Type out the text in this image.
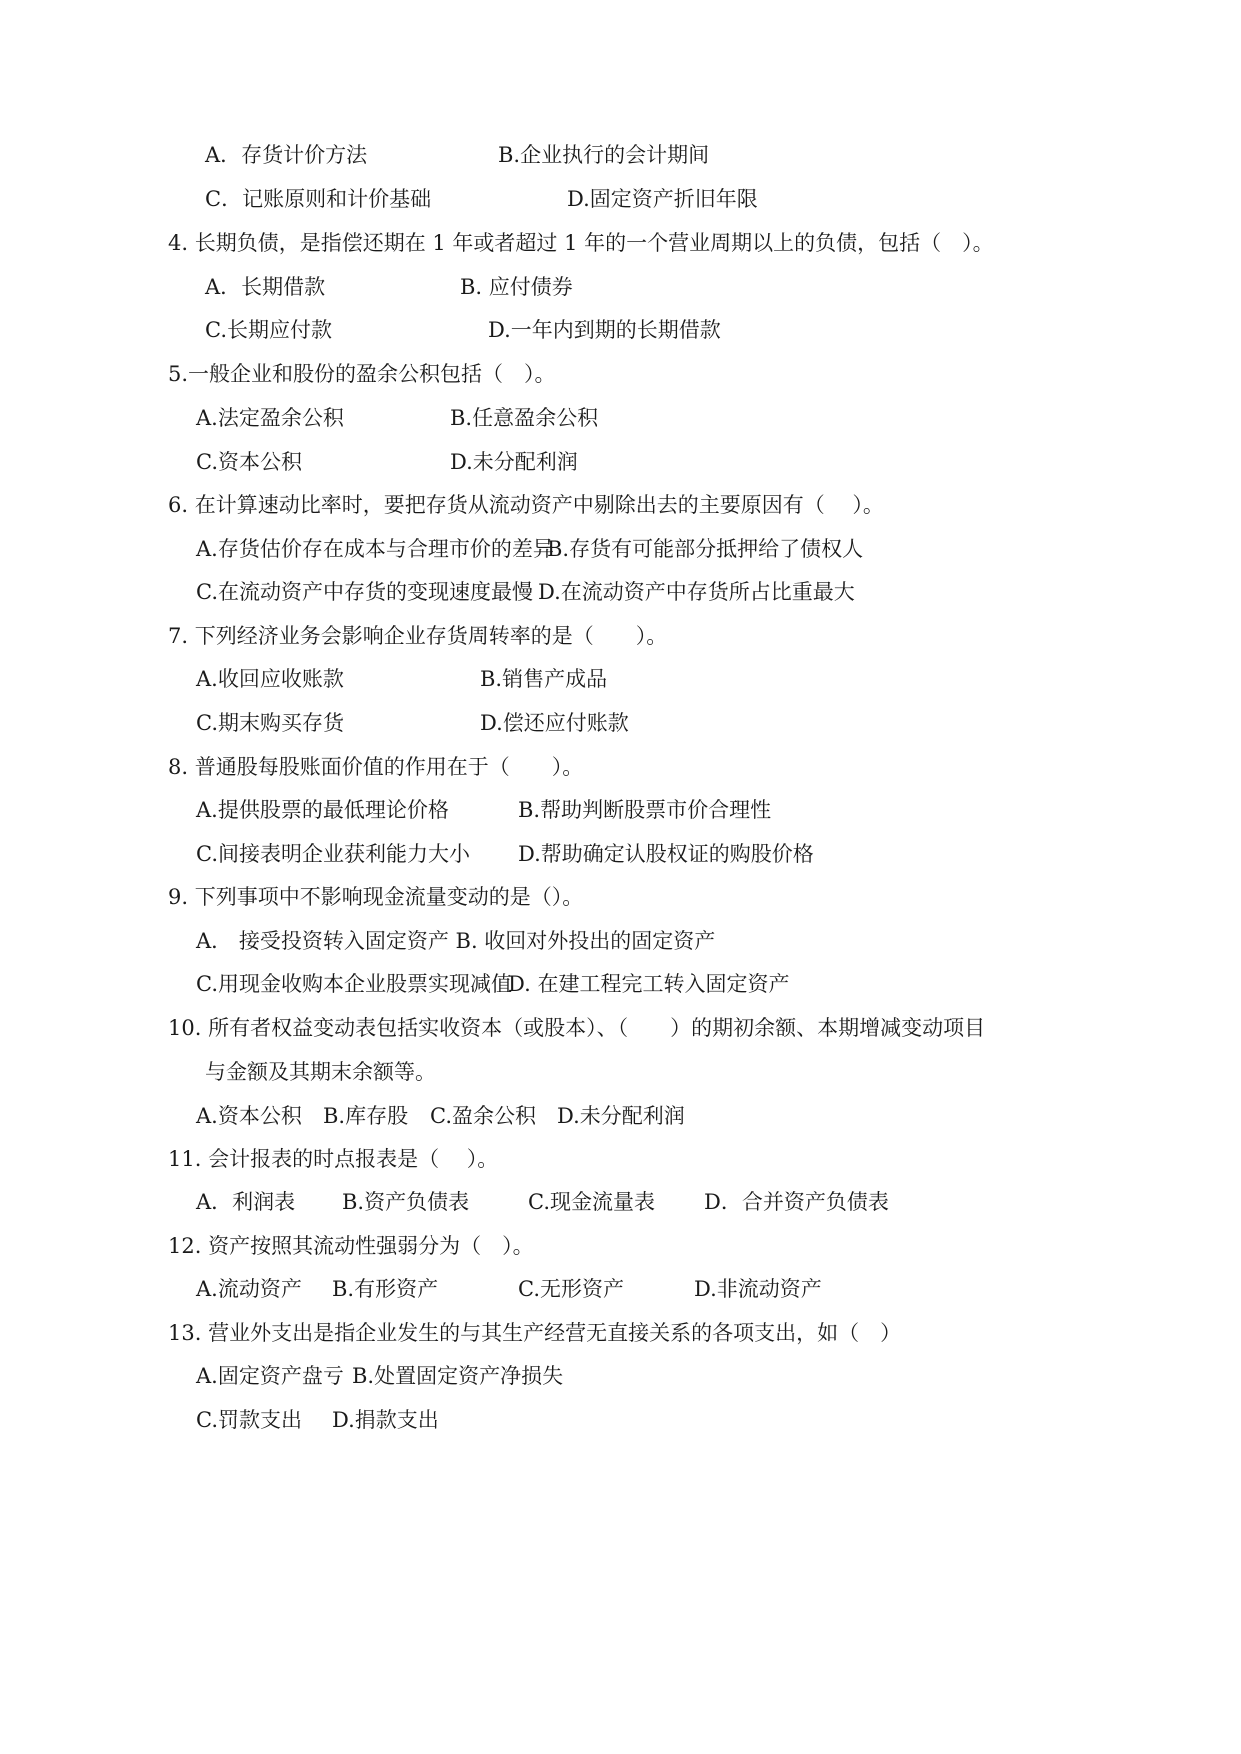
A．存货计价方法	B.企业执行的会计期间
C．记账原则和计价基础	D.固定资产折旧年限
4. 长期负债，是指偿还期在 1 年或者超过 1 年的一个营业周期以上的负债，包括（　）。
A．长期借款	B. 应付债券
C.长期应付款	D.一年内到期的长期借款
5.一般企业和股份的盈余公积包括（　）。
A.法定盈余公积	B.任意盈余公积
C.资本公积	D.未分配利润
6. 在计算速动比率时，要把存货从流动资产中剔除出去的主要原因有（　 ）。
A.存货估价存在成本与合理市价的差异
B.存货有可能部分抵押给了债权人
C.在流动资产中存货的变现速度最慢 D.在流动资产中存货所占比重最大
7. 下列经济业务会影响企业存货周转率的是（　　）。
A.收回应收账款	B.销售产成品
C.期末购买存货	D.偿还应付账款
8. 普通股每股账面价值的作用在于（　　）。
A.提供股票的最低理论价格	B.帮助判断股票市价合理性
C.间接表明企业获利能力大小 D.帮助确定认股权证的购股价格
9. 下列事项中不影响现金流量变动的是（）。
A． 接受投资转入固定资产 B. 收回对外投出的固定资产
C.用现金收购本企业股票实现减值
D. 在建工程完工转入固定资产
10. 所有者权益变动表包括实收资本（或股本）、（　　）的期初余额、本期增减变动项目
与金额及其期末余额等。
A.资本公积 B.库存股 C.盈余公积 D.未分配利润
11. 会计报表的时点报表是（　 ）。
A．利润表 B.资产负债表	C.现金流量表 D．合并资产负债表
12. 资产按照其流动性强弱分为（　）。
A.流动资产 B.有形资产	C.无形资产	D.非流动资产
13. 营业外支出是指企业发生的与其生产经营无直接关系的各项支出，如（　）
A.固定资产盘亏 B.处置固定资产净损失
C.罚款支出 D.捐款支出
